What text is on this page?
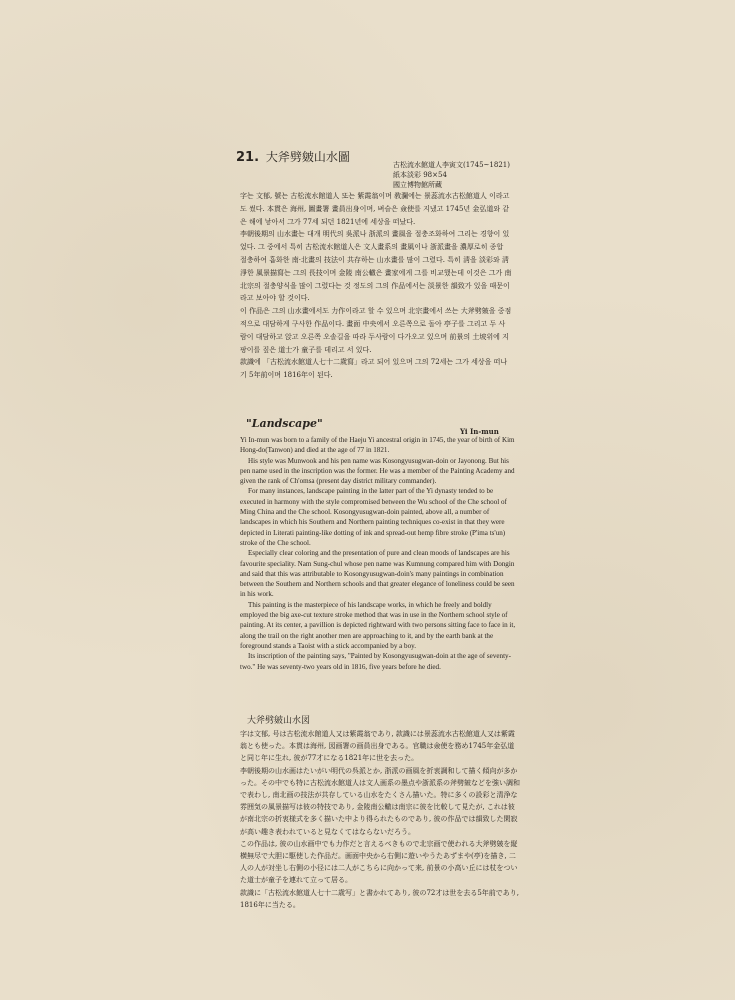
21. 大斧劈皴山水圖
古松流水館道人李寅文(1745~1821)
紙本淡彩 98×54
國立博物館所藏

字는 文郁, 號는 古松流水館道人 또는 紫霞翁이며 敎瀾에는 景蕊流水古松館道人 이라고도 썼다. 本貫은 海州, 圖畫署 畫員出身이며, 벼슬은 僉使를 지냈고 1745년 金弘道와 같은 해에 낳아서 그가 77세 되던 1821년에 세상을 떠났다.

李朝後期의 山水畫는 대개 明代의 吳派나 浙派의 畫風을 절충조화하여 그리는 경향이 있었다. 그 중에서 특히 古松流水館道人은 文人畫系의 畫風이나 浙派畫을 濃厚로히 종합 절충하여 흡화한 南·北畫의 技法이 共存하는 山水畫를 많이 그렸다. 특히 淸을 淡彩와 淸淨한 風景描寫는 그의 長技이며 金陵 南公轍은 畫家에게 그를 비교했는데 이것은 그가 南北宗의 절충양식을 많이 그렸다는 것 정도의 그의 作品에서는 淡景한 韻致가 있을 때문이라고 보아야 할 것이다.

이 作品은 그의 山水畫에서도 力作이라고 할 수 있으며 北宗畫에서 쓰는 大斧劈皴을 중점적으로 대담하게 구사한 作品이다. 畫面 中央에서 오른쪽으로 돌아 亭子를 그리고 두 사람이 대담하고 앉고 오른쪽 오솔길을 따라 두사람이 다가오고 있으며 前景의 土坡위에 지팡이를 짚은 道士가 童子를 데리고 서 있다.

款識에 「古松流水館道人七十二歲寫」라고 되어 있으며 그의 72세는 그가 세상을 떠나기 5年前이며 1816年이 된다.

"Landscape"
Yi In-mun

Yi In-mun was born to a family of the Haeju Yi ancestral origin in 1745, the year of birth of Kim Hong-do(Tanwon) and died at the age of 77 in 1821.

His style was Munwook and his pen name was Kosongyusugwan-doin or Jayonong. But his pen name used in the inscription was the former. He was a member of the Painting Academy and given the rank of Ch'omsa (present day district military commander).

For many instances, landscape painting in the latter part of the Yi dynasty tended to be executed in harmony with the style compromised between the Wu school of the Che school of Ming China and the Che school. Kosongyusugwan-doin painted, above all, a number of landscapes in which his Southern and Northern painting techniques co-exist in that they were depicted in Literati painting-like dotting of ink and spread-out hemp fibre stroke (P'ima ts'un) stroke of the Che school.

Especially clear coloring and the presentation of pure and clean moods of landscapes are his favourite speciality. Nam Sung-chul whose pen name was Kumnung compared him with Dongin and said that this was attributable to Kosongyusugwan-doin's many paintings in combination between the Southern and Northern schools and that greater elegance of loneliness could be seen in his work.

This painting is the masterpiece of his landscape works, in which he freely and boldly employed the big axe-cut texture stroke method that was in use in the Northern school style of painting. At its center, a pavillion is depicted rightward with two persons sitting face to face in it, along the trail on the right another men are approaching to it, and by the earth bank at the foreground stands a Taoist with a stick accompanied by a boy.

Its inscription of the painting says, "Painted by Kosongyusugwan-doin at the age of seventy-two." He was seventy-two years old in 1816, five years before he died.

大斧劈皴山水図

字は文郁, 号は古松流水館道人又は紫霞翁であり, 款識には景蕊流水古松館道人又は紫霞翁とも使った。本貫は海州, 図画署の画員出身である。官職は僉使を務め1745年金弘道と同じ年に生れ, 彼が77才になる1821年に世を去った。

李朝後期の山水画はたいがい明代の呉派とか, 浙派の画風を折衷調和して描く傾向が多かった。その中でも特に古松流水館道人は文人画系の墨点や浙派系の斧劈皴などを強い調和で表わし, 南北画の技法が共存している山水をたくさん描いた。特に多くの設彩と清浄な雰囲気の風景描写は彼の特技であり, 金陵南公轍は南宗に彼を比較して見たが, これは彼が南北宗の折衷様式を多く描いた中より得られたものであり, 彼の作品では韻致した閑寂が高い趣き表われていると見なくてはならないだろう。

この作品は, 彼の山水画中でも力作だと言えるべきもので北宗画で使われる大斧劈皴を縦横無尽で大胆に駆使した作品だ。画面中央から右側に遊いやうたあずまや(亭)を描き, 二人の人が対坐し右側の小径には二人がこちらに向かって来, 前景の小高い丘には杖をついた道士が童子を連れて立って居る。

款識に「古松流水館道人七十二歳写」と書かれてあり, 彼の72才は世を去る5年前であり, 1816年に当たる。
